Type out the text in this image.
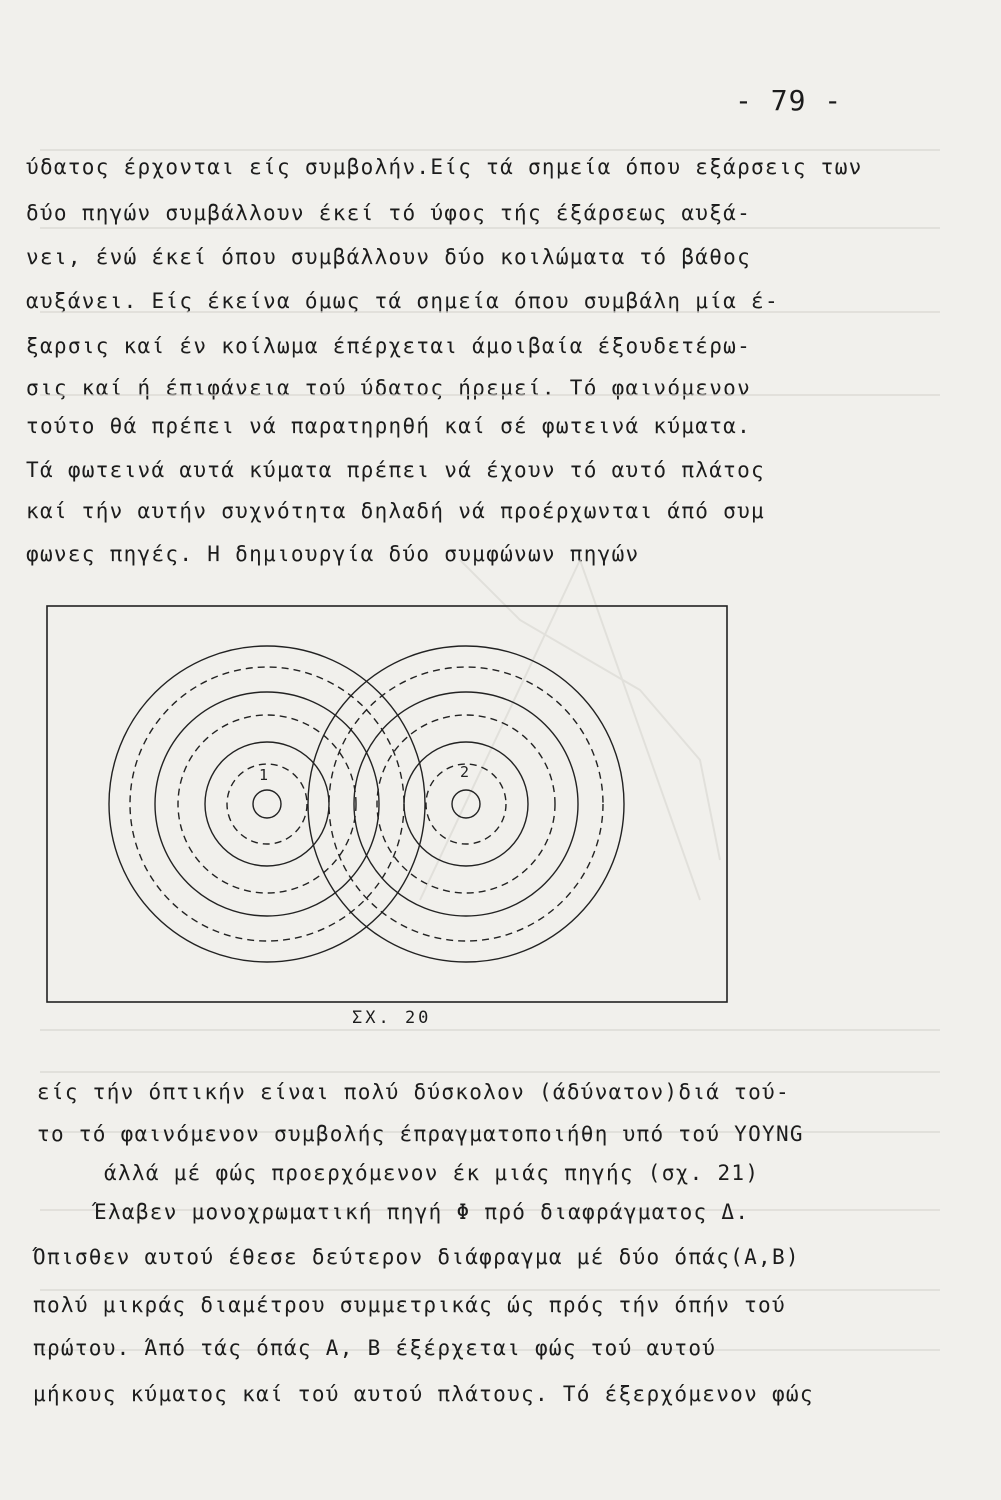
- 79 -
ύδατος έρχονται είς συμβολήν.Είς τά σημεία όπου εξάρσεις των
δύο πηγών συμβάλλουν έκεί τό ύφος τής έξάρσεως αυξά-
νει, ένώ έκεί όπου συμβάλλουν δύο κοιλώματα τό βάθος
αυξάνει. Είς έκείνα όμως τά σημεία όπου συμβάλη μία έ-
ξαρσις καί έν κοίλωμα έπέρχεται άμοιβαία έξουδετέρω-
σις καί ή έπιφάνεια τού ύδατος ήρεμεί. Τό φαινόμενον
τούτο θά πρέπει νά παρατηρηθή καί σέ φωτεινά κύματα.
Τά φωτεινά αυτά κύματα πρέπει νά έχουν τό αυτό πλάτος
καί τήν αυτήν συχνότητα δηλαδή νά προέρχωνται άπό συμ
φωνες πηγές. Η δημιουργία δύο συμφώνων πηγών
1	2
ΣΧ. 20
είς τήν όπτικήν είναι πολύ δύσκολον (άδύνατον)διά τού-
το τό φαινόμενον συμβολής έπραγματοποιήθη υπό τού YOYNG
άλλά μέ φώς προερχόμενον έκ μιάς πηγής (σχ. 21)
Έλαβεν μονοχρωματική πηγή Φ πρό διαφράγματος Δ.
Όπισθεν αυτού έθεσε δεύτερον διάφραγμα μέ δύο όπάς(Α,Β)
πολύ μικράς διαμέτρου συμμετρικάς ώς πρός τήν όπήν τού
πρώτου. Άπό τάς όπάς Α, Β έξέρχεται φώς τού αυτού
μήκους κύματος καί τού αυτού πλάτους. Τό έξερχόμενον φώς
